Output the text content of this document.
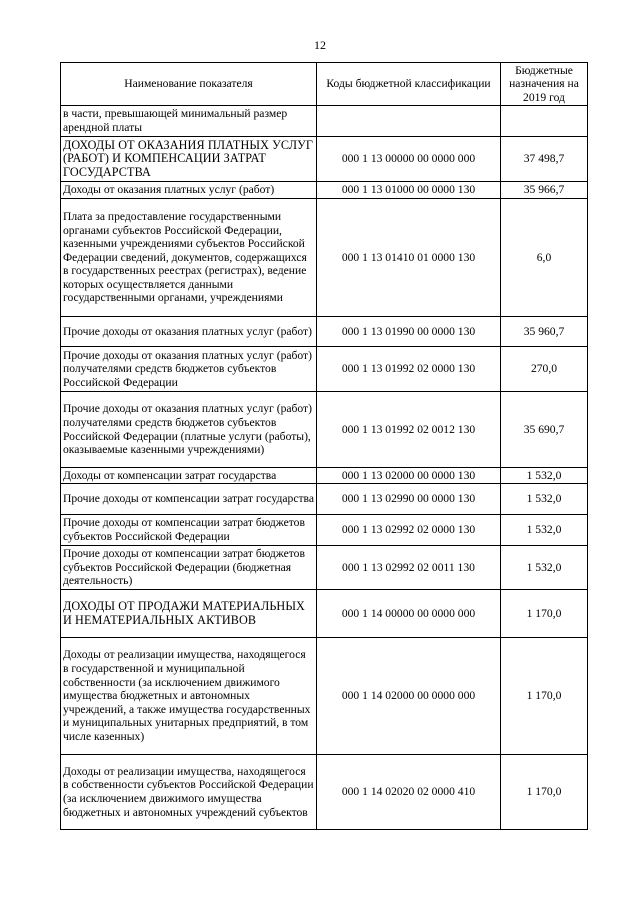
12
Наименование показателя	Коды бюджетной классификации	Бюджетные назначения на 2019 год
в части, превышающей минимальный размер арендной платы		
ДОХОДЫ ОТ ОКАЗАНИЯ ПЛАТНЫХ УСЛУГ (РАБОТ) И КОМПЕНСАЦИИ ЗАТРАТ ГОСУДАРСТВА	000 1 13 00000 00 0000 000	37 498,7
Доходы от оказания платных услуг (работ)	000 1 13 01000 00 0000 130	35 966,7
Плата за предоставление государственными органами субъектов Российской Федерации, казенными учреждениями субъектов Российской Федерации сведений, документов, содержащихся в государственных реестрах (регистрах), ведение которых осуществляется данными государственными органами, учреждениями	000 1 13 01410 01 0000 130	6,0
Прочие доходы от оказания платных услуг (работ)	000 1 13 01990 00 0000 130	35 960,7
Прочие доходы от оказания платных услуг (работ) получателями средств бюджетов субъектов Российской Федерации	000 1 13 01992 02 0000 130	270,0
Прочие доходы от оказания платных услуг (работ) получателями средств бюджетов субъектов Российской Федерации (платные услуги (работы), оказываемые казенными учреждениями)	000 1 13 01992 02 0012 130	35 690,7
Доходы от компенсации затрат государства	000 1 13 02000 00 0000 130	1 532,0
Прочие доходы от компенсации затрат государства	000 1 13 02990 00 0000 130	1 532,0
Прочие доходы от компенсации затрат бюджетов субъектов Российской Федерации	000 1 13 02992 02 0000 130	1 532,0
Прочие доходы от компенсации затрат бюджетов субъектов Российской Федерации (бюджетная деятельность)	000 1 13 02992 02 0011 130	1 532,0
ДОХОДЫ ОТ ПРОДАЖИ МАТЕРИАЛЬНЫХ И НЕМАТЕРИАЛЬНЫХ АКТИВОВ	000 1 14 00000 00 0000 000	1 170,0
Доходы от реализации имущества, находящегося в государственной и муниципальной собственности (за исключением движимого имущества бюджетных и автономных учреждений, а также имущества государственных и муниципальных унитарных предприятий, в том числе казенных)	000 1 14 02000 00 0000 000	1 170,0
Доходы от реализации имущества, находящегося в собственности субъектов Российской Федерации (за исключением движимого имущества бюджетных и автономных учреждений субъектов	000 1 14 02020 02 0000 410	1 170,0
